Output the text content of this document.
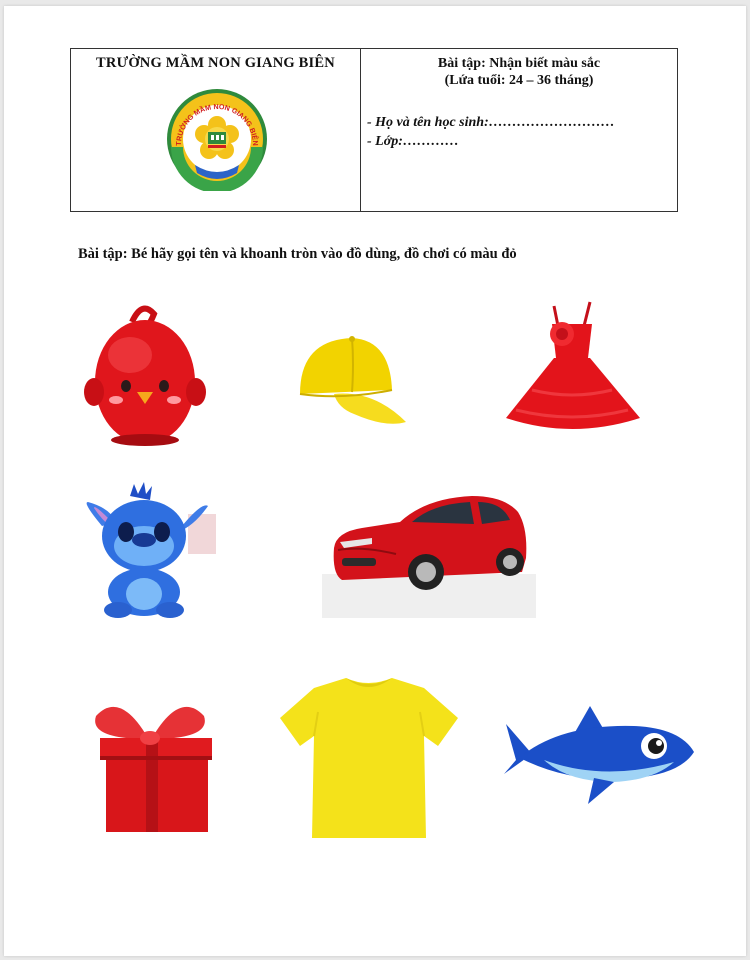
TRƯỜNG MẦM NON GIANG BIÊN
TRƯỜNG MẦM NON GIANG BIÊN
Bài tập: Nhận biết màu sắc
(Lứa tuổi: 24 – 36 tháng)
- Họ và tên học sinh:………………………
- Lớp:…………
Bài tập: Bé hãy gọi tên và khoanh tròn vào đồ dùng, đồ chơi có màu đỏ
